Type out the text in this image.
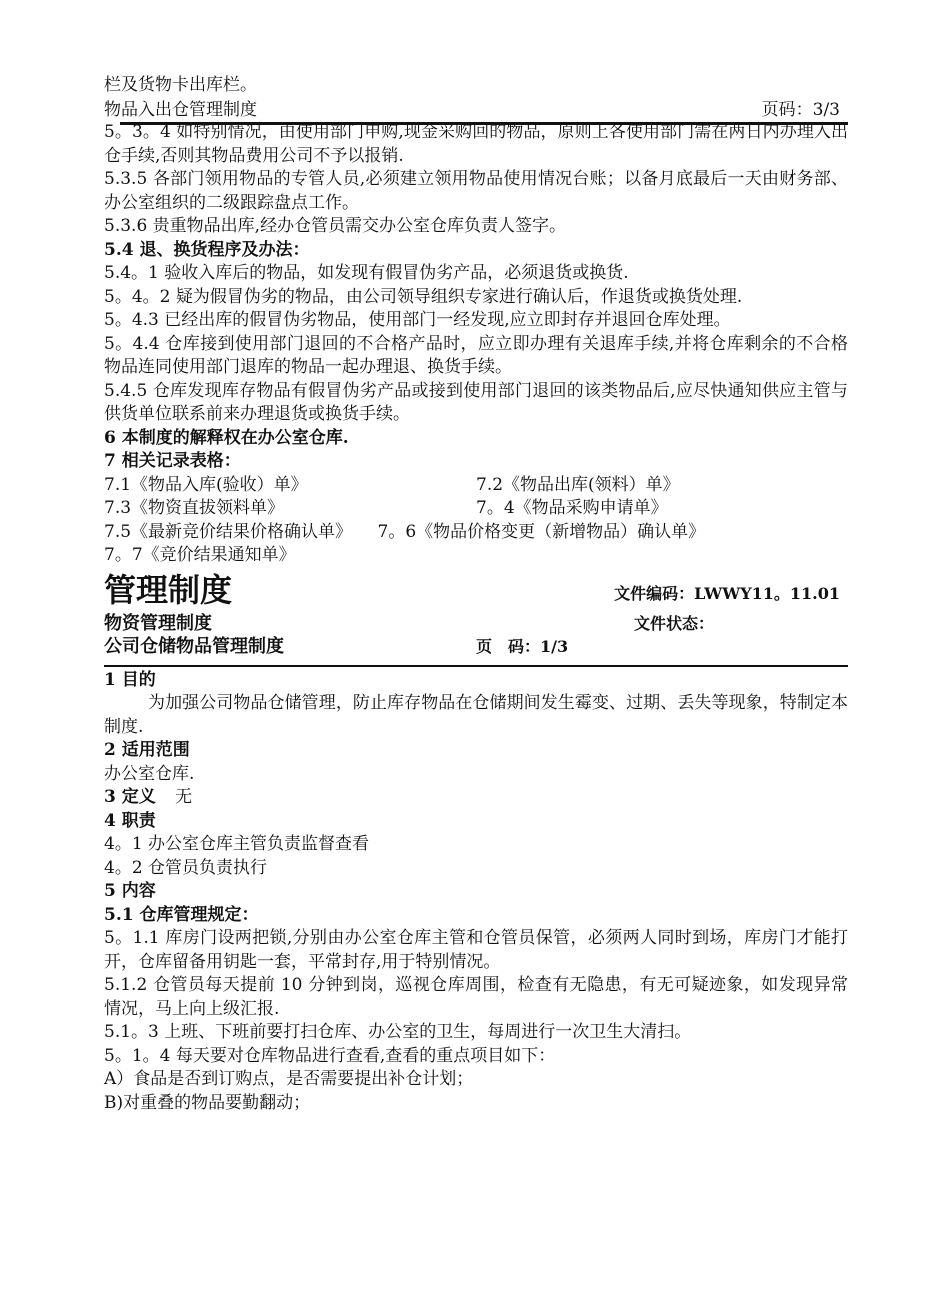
栏及货物卡出库栏。

物品入出仓管理制度	页码：3/3

5。3。4 如特别情况，由使用部门申购,现金采购回的物品，原则上各使用部门需在两日内办理入出仓手续,否则其物品费用公司不予以报销.

5.3.5 各部门领用物品的专管人员,必须建立领用物品使用情况台账；以备月底最后一天由财务部、办公室组织的二级跟踪盘点工作。

5.3.6 贵重物品出库,经办仓管员需交办公室仓库负责人签字。

5.4 退、换货程序及办法：

5.4。1 验收入库后的物品，如发现有假冒伪劣产品，必须退货或换货.

5。4。2 疑为假冒伪劣的物品，由公司领导组织专家进行确认后，作退货或换货处理.

5。4.3 已经出库的假冒伪劣物品，使用部门一经发现,应立即封存并退回仓库处理。

5。4.4 仓库接到使用部门退回的不合格产品时，应立即办理有关退库手续,并将仓库剩余的不合格物品连同使用部门退库的物品一起办理退、换货手续。

5.4.5 仓库发现库存物品有假冒伪劣产品或接到使用部门退回的该类物品后,应尽快通知供应主管与供货单位联系前来办理退货或换货手续。

6 本制度的解释权在办公室仓库.

7 相关记录表格：

7.1《物品入库(验收）单》	7.2《物品出库(领料）单》
7.3《物资直拔领料单》	7。4《物品采购申请单》

7.5《最新竞价结果价格确认单》　　7。6《物品价格变更（新增物品）确认单》

7。7《竞价结果通知单》

管理制度	文件编码：LWWY11。11.01
物资管理制度	文件状态：
公司仓储物品管理制度	页　码：1/3

1 目的

为加强公司物品仓储管理，防止库存物品在仓储期间发生霉变、过期、丢失等现象，特制定本制度.

2 适用范围

办公室仓库.

3 定义 无

4 职责

4。1 办公室仓库主管负责监督查看

4。2 仓管员负责执行

5 内容

5.1 仓库管理规定：

5。1.1 库房门设两把锁,分别由办公室仓库主管和仓管员保管，必须两人同时到场，库房门才能打开，仓库留备用钥匙一套，平常封存,用于特别情况。

5.1.2 仓管员每天提前 10 分钟到岗，巡视仓库周围，检查有无隐患，有无可疑迹象，如发现异常情况，马上向上级汇报.

5.1。3 上班、下班前要打扫仓库、办公室的卫生，每周进行一次卫生大清扫。

5。1。4 每天要对仓库物品进行查看,查看的重点项目如下：

A）食品是否到订购点，是否需要提出补仓计划；

B)对重叠的物品要勤翻动；
